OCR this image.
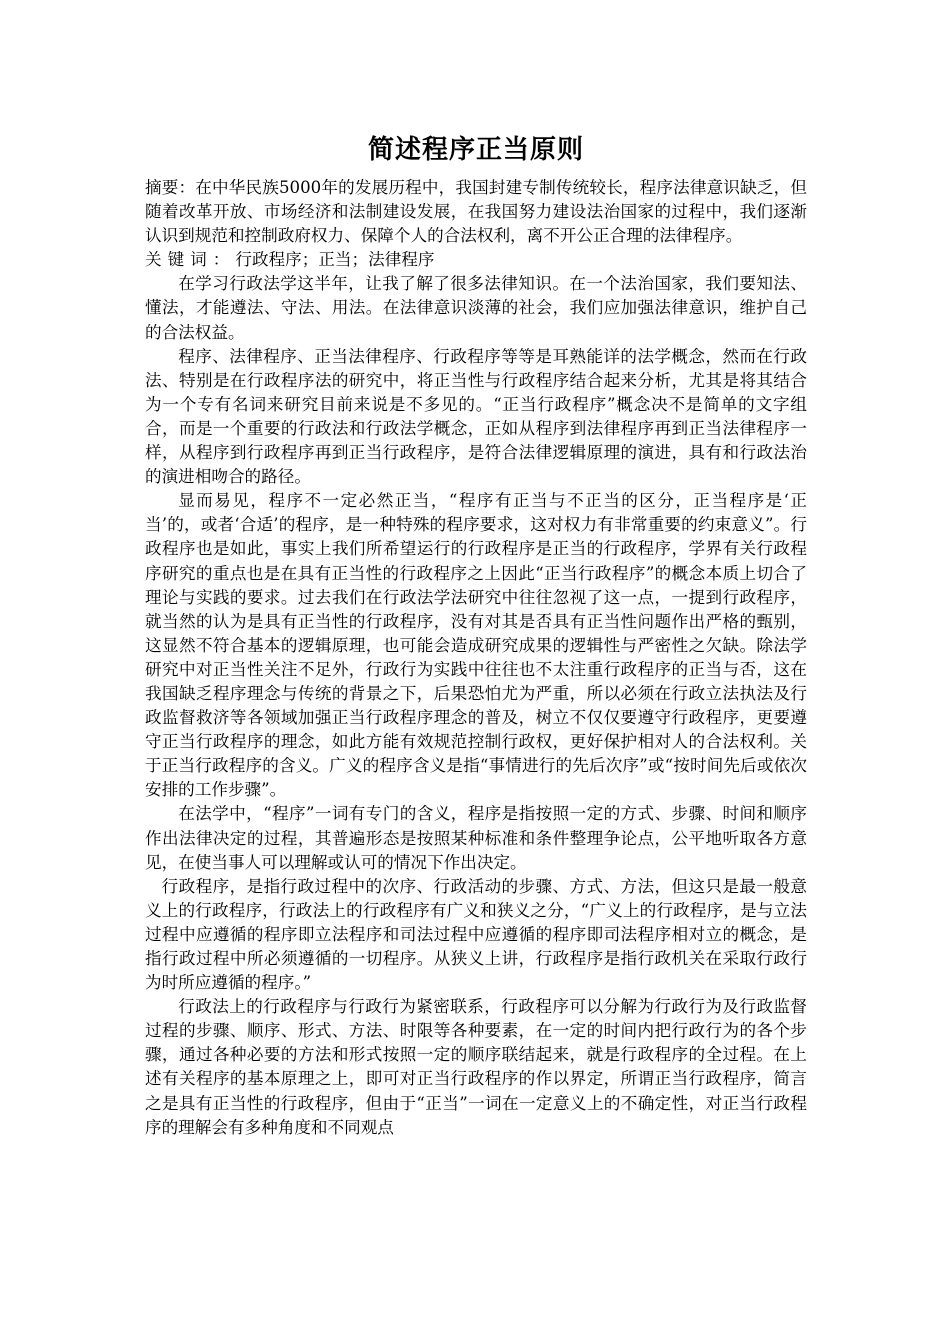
简述程序正当原则

摘要：在中华民族5000年的发展历程中，我国封建专制传统较长，程序法律意识缺乏，但随着改革开放、市场经济和法制建设发展，在我国努力建设法治国家的过程中，我们逐渐认识到规范和控制政府权力、保障个人的合法权利，离不开公正合理的法律程序。

关键词：行政程序；正当；法律程序

在学习行政法学这半年，让我了解了很多法律知识。在一个法治国家，我们要知法、懂法，才能遵法、守法、用法。在法律意识淡薄的社会，我们应加强法律意识，维护自己的合法权益。

程序、法律程序、正当法律程序、行政程序等等是耳熟能详的法学概念，然而在行政法、特别是在行政程序法的研究中，将正当性与行政程序结合起来分析，尤其是将其结合为一个专有名词来研究目前来说是不多见的。“正当行政程序”概念决不是简单的文字组合，而是一个重要的行政法和行政法学概念，正如从程序到法律程序再到正当法律程序一样，从程序到行政程序再到正当行政程序，是符合法律逻辑原理的演进，具有和行政法治的演进相吻合的路径。

显而易见，程序不一定必然正当，“程序有正当与不正当的区分，正当程序是‘正当’的，或者‘合适’的程序，是一种特殊的程序要求，这对权力有非常重要的约束意义”。行政程序也是如此，事实上我们所希望运行的行政程序是正当的行政程序，学界有关行政程序研究的重点也是在具有正当性的行政程序之上因此“正当行政程序”的概念本质上切合了理论与实践的要求。过去我们在行政法学法研究中往往忽视了这一点，一提到行政程序，就当然的认为是具有正当性的行政程序，没有对其是否具有正当性问题作出严格的甄别，这显然不符合基本的逻辑原理，也可能会造成研究成果的逻辑性与严密性之欠缺。除法学研究中对正当性关注不足外，行政行为实践中往往也不太注重行政程序的正当与否，这在我国缺乏程序理念与传统的背景之下，后果恐怕尤为严重，所以必须在行政立法执法及行政监督救济等各领域加强正当行政程序理念的普及，树立不仅仅要遵守行政程序，更要遵守正当行政程序的理念，如此方能有效规范控制行政权，更好保护相对人的合法权利。关于正当行政程序的含义。广义的程序含义是指“事情进行的先后次序”或“按时间先后或依次安排的工作步骤”。

在法学中，“程序”一词有专门的含义，程序是指按照一定的方式、步骤、时间和顺序作出法律决定的过程，其普遍形态是按照某种标准和条件整理争论点，公平地听取各方意见，在使当事人可以理解或认可的情况下作出决定。

行政程序，是指行政过程中的次序、行政活动的步骤、方式、方法，但这只是最一般意义上的行政程序，行政法上的行政程序有广义和狭义之分，“广义上的行政程序，是与立法过程中应遵循的程序即立法程序和司法过程中应遵循的程序即司法程序相对立的概念，是指行政过程中所必须遵循的一切程序。从狭义上讲，行政程序是指行政机关在采取行政行为时所应遵循的程序。”

行政法上的行政程序与行政行为紧密联系，行政程序可以分解为行政行为及行政监督过程的步骤、顺序、形式、方法、时限等各种要素，在一定的时间内把行政行为的各个步骤，通过各种必要的方法和形式按照一定的顺序联结起来，就是行政程序的全过程。在上述有关程序的基本原理之上，即可对正当行政程序的作以界定，所谓正当行政程序，简言之是具有正当性的行政程序，但由于“正当”一词在一定意义上的不确定性，对正当行政程序的理解会有多种角度和不同观点
